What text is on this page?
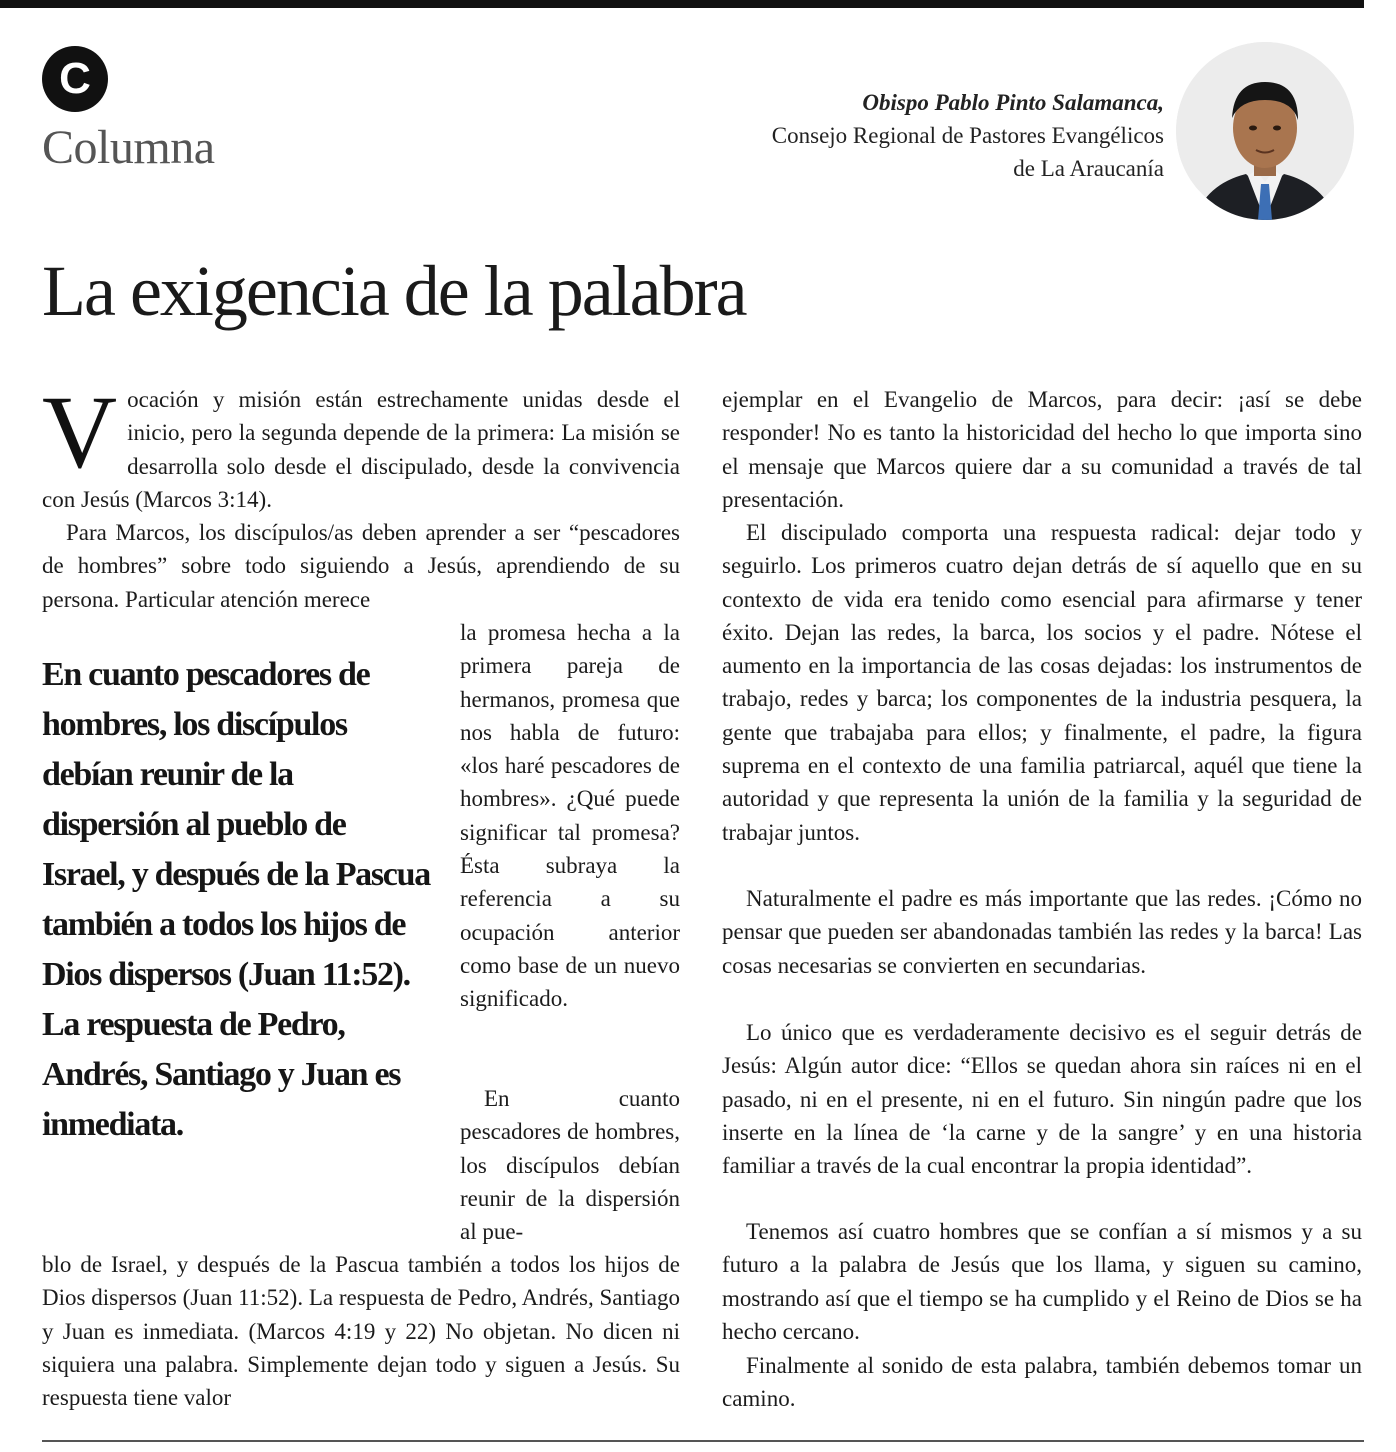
C
Columna
Obispo Pablo Pinto Salamanca,
Consejo Regional de Pastores Evangélicos
de La Araucanía
La exigencia de la palabra

Vocación y misión están estrechamente unidas desde el inicio, pero la segunda depende de la primera: La misión se desarrolla solo desde el discipulado, desde la convivencia con Jesús (Marcos 3:14).

Para Marcos, los discípulos/as deben aprender a ser “pescadores de hombres” sobre todo siguiendo a Jesús, aprendiendo de su persona. Particular atención merece

En cuanto pescadores de hombres, los discípulos debían reunir de la dispersión al pueblo de Israel, y después de la Pascua también a todos los hijos de Dios dispersos (Juan 11:52). La respuesta de Pedro, Andrés, Santiago y Juan es inmediata.

la promesa hecha a la primera pareja de hermanos, promesa que nos habla de futuro: «los haré pescadores de hombres». ¿Qué puede significar tal promesa? Ésta subraya la referencia a su ocupación anterior como base de un nuevo significado.

En cuanto pescadores de hombres, los discípulos debían reunir de la dispersión al pue-

blo de Israel, y después de la Pascua también a todos los hijos de Dios dispersos (Juan 11:52). La respuesta de Pedro, Andrés, Santiago y Juan es inmediata. (Marcos 4:19 y 22) No objetan. No dicen ni siquiera una palabra. Simplemente dejan todo y siguen a Jesús. Su respuesta tiene valor

ejemplar en el Evangelio de Marcos, para decir: ¡así se debe responder! No es tanto la historicidad del hecho lo que importa sino el mensaje que Marcos quiere dar a su comunidad a través de tal presentación.

El discipulado comporta una respuesta radical: dejar todo y seguirlo. Los primeros cuatro dejan detrás de sí aquello que en su contexto de vida era tenido como esencial para afirmarse y tener éxito. Dejan las redes, la barca, los socios y el padre. Nótese el aumento en la importancia de las cosas dejadas: los instrumentos de trabajo, redes y barca; los componentes de la industria pesquera, la gente que trabajaba para ellos; y finalmente, el padre, la figura suprema en el contexto de una familia patriarcal, aquél que tiene la autoridad y que representa la unión de la familia y la seguridad de trabajar juntos.

Naturalmente el padre es más importante que las redes. ¡Cómo no pensar que pueden ser abandonadas también las redes y la barca! Las cosas necesarias se convierten en secundarias.

Lo único que es verdaderamente decisivo es el seguir detrás de Jesús: Algún autor dice: “Ellos se quedan ahora sin raíces ni en el pasado, ni en el presente, ni en el futuro. Sin ningún padre que los inserte en la línea de ‘la carne y de la sangre’ y en una historia familiar a través de la cual encontrar la propia identidad”.

Tenemos así cuatro hombres que se confían a sí mismos y a su futuro a la palabra de Jesús que los llama, y siguen su camino, mostrando así que el tiempo se ha cumplido y el Reino de Dios se ha hecho cercano.

Finalmente al sonido de esta palabra, también debemos tomar un camino.
